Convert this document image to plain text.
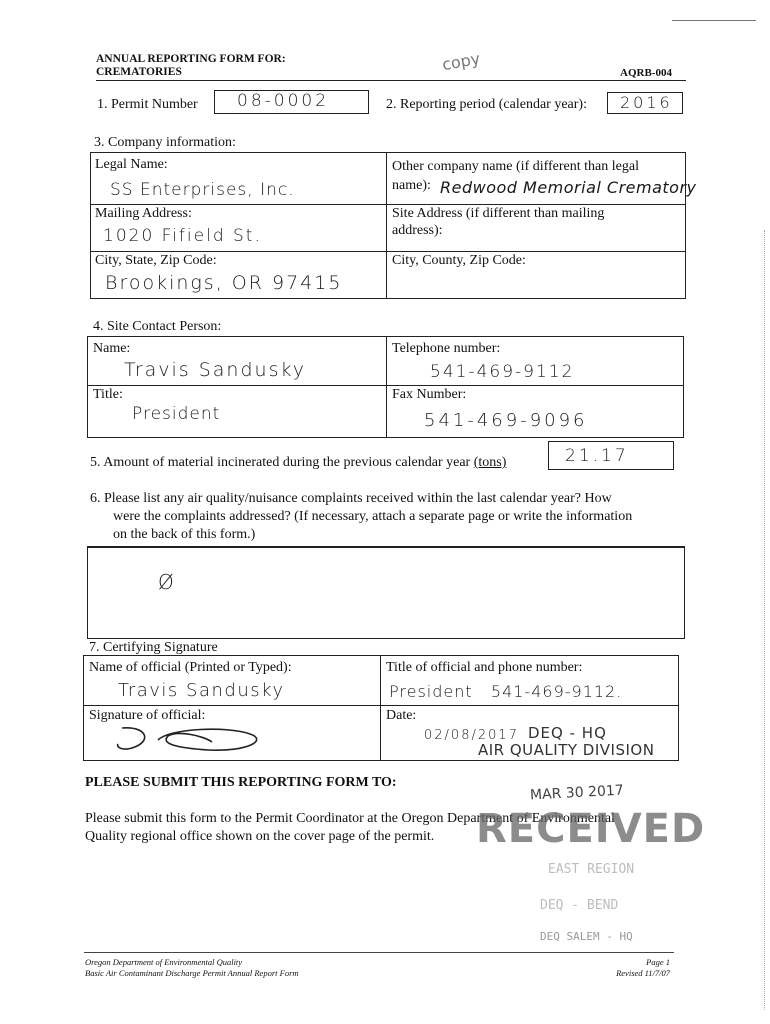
ANNUAL REPORTING FORM FOR:
CREMATORIES	copy	AQRB-004
1. Permit Number 08-0002	2. Reporting period (calendar year): 2016
3. Company information:
Legal Name:
SS Enterprises, Inc.
Other company name (if different than legal name): Redwood Memorial Crematory
Mailing Address:
1020 Fifield St.
Site Address (if different than mailing address):
City, State, Zip Code:
Brookings, OR 97415
City, County, Zip Code:
4. Site Contact Person:
Name:
Travis Sandusky
Telephone number:
541-469-9112
Title:
President
Fax Number:
541-469-9096
5. Amount of material incinerated during the previous calendar year (tons)	21.17
6. Please list any air quality/nuisance complaints received within the last calendar year? How
were the complaints addressed? (If necessary, attach a separate page or write the information
on the back of this form.)
Ø
7. Certifying Signature
Name of official (Printed or Typed):
Travis Sandusky
Title of official and phone number:
President   541-469-9112.
Signature of official:	Date:
02/08/2017 DEQ - HQ
AIR QUALITY DIVISION
PLEASE SUBMIT THIS REPORTING FORM TO:
MAR 30 2017
Please submit this form to the Permit Coordinator at the Oregon Department of Environmental
Quality regional office shown on the cover page of the permit.	RECEIVED
EAST REGION
DEQ - BEND
DEQ SALEM - HQ
Oregon Department of Environmental Quality
Basic Air Contaminant Discharge Permit Annual Report Form
Page 1
Revised 11/7/07
